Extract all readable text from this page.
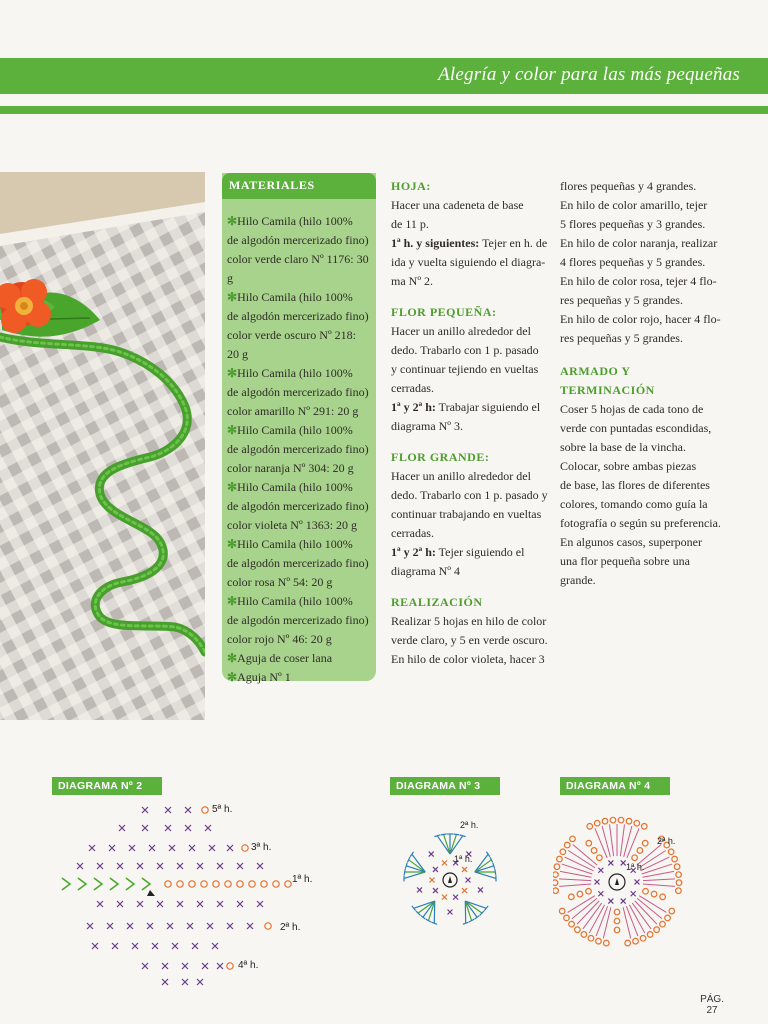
Alegría y color para las más pequeñas
MATERIALES
✻Hilo Camila (hilo 100%
de algodón mercerizado fino)
color verde claro Nº 1176: 30 g
✻Hilo Camila (hilo 100%
de algodón mercerizado fino)
color verde oscuro Nº 218:
20 g
✻Hilo Camila (hilo 100%
de algodón mercerizado fino)
color amarillo Nº 291: 20 g
✻Hilo Camila (hilo 100%
de algodón mercerizado fino)
color naranja Nº 304: 20 g
✻Hilo Camila (hilo 100%
de algodón mercerizado fino)
color violeta Nº 1363: 20 g
✻Hilo Camila (hilo 100%
de algodón mercerizado fino)
color rosa Nº 54: 20 g
✻Hilo Camila (hilo 100%
de algodón mercerizado fino)
color rojo Nº 46: 20 g
✻Aguja de coser lana
✻Aguja Nº 1
HOJA:
Hacer una cadeneta de base
de 11 p.
1ª h. y siguientes: Tejer en h. de
ida y vuelta siguiendo el diagra-
ma Nº 2.
FLOR PEQUEÑA:
Hacer un anillo alrededor del
dedo. Trabarlo con 1 p. pasado
y continuar tejiendo en vueltas
cerradas.
1ª y 2ª h: Trabajar siguiendo el
diagrama Nº 3.
FLOR GRANDE:
Hacer un anillo alrededor del
dedo. Trabarlo con 1 p. pasado y
continuar trabajando en vueltas
cerradas.
1ª y 2ª h: Tejer siguiendo el
diagrama Nº 4
REALIZACIÓN
Realizar 5 hojas en hilo de color
verde claro, y 5 en verde oscuro.
En hilo de color violeta, hacer 3
flores pequeñas y 4 grandes.
En hilo de color amarillo, tejer
5 flores pequeñas y 3 grandes.
En hilo de color naranja, realizar
4 flores pequeñas y 5 grandes.
En hilo de color rosa, tejer 4 flo-
res pequeñas y 5 grandes.
En hilo de color rojo, hacer 4 flo-
res pequeñas y 5 grandes.
ARMADO Y
TERMINACIÓN
Coser 5 hojas de cada tono de
verde con puntadas escondidas,
sobre la base de la vincha.
Colocar, sobre ambas piezas
de base, las flores de diferentes
colores, tomando como guía la
fotografía o según su preferencia.
En algunos casos, superponer
una flor pequeña sobre una
grande.
DIAGRAMA Nº 2	DIAGRAMA Nº 3	DIAGRAMA Nº 4
5ª h.
3ª h.
1ª h.
2ª h.
4ª h.
2ª h.
1ª h.
2ª h.
1ª h.
PÁG.
27
